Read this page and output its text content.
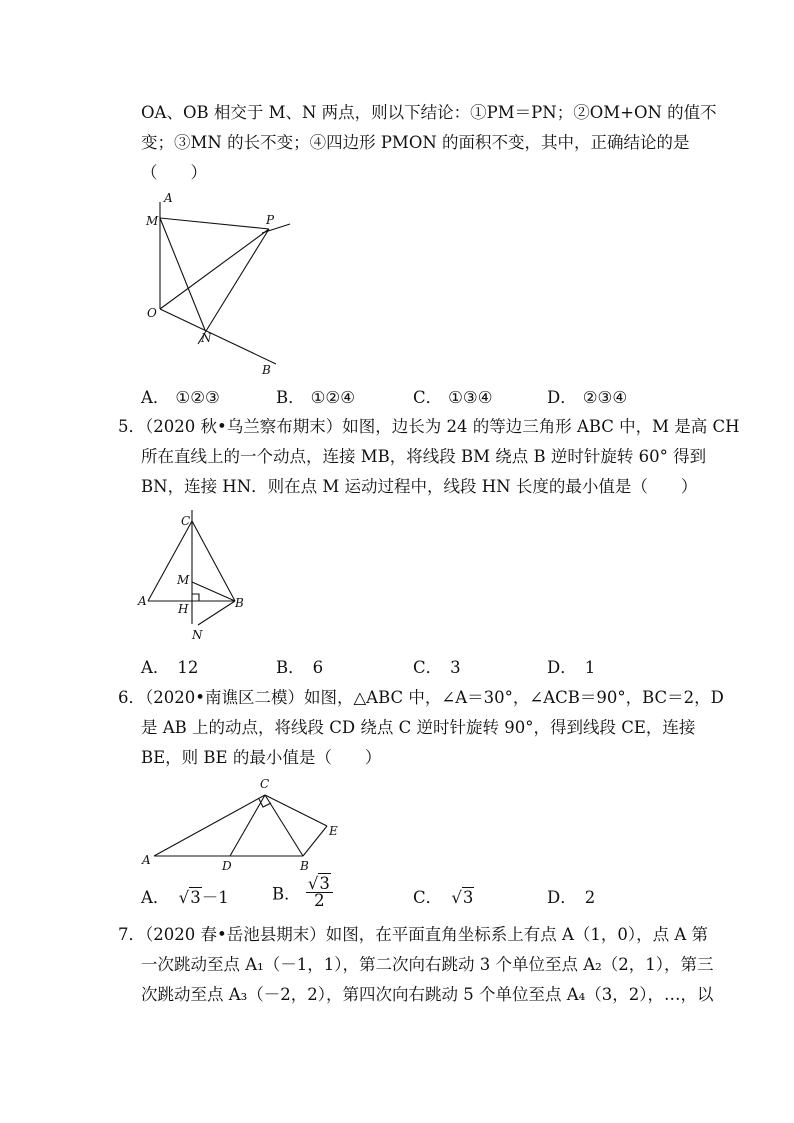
OA、OB 相交于 M、N 两点，则以下结论：①PM＝PN；②OM+ON 的值不
变；③MN 的长不变；④四边形 PMON 的面积不变，其中，正确结论的是
（　　）
A
M	P
O
N
B
A． ①②③	B． ①②④	C． ①③④	D． ②③④
5．（2020 秋•乌兰察布期末）如图，边长为 24 的等边三角形 ABC 中，M 是高 CH
所在直线上的一个动点，连接 MB，将线段 BM 绕点 B 逆时针旋转 60° 得到
BN，连接 HN．则在点 M 运动过程中，线段 HN 长度的最小值是（　　）
C
M
A
H	B
N
A． 12	B． 6	C． 3	D． 1
6．（2020•南谯区二模）如图，△ABC 中，∠A＝30°，∠ACB＝90°，BC＝2，D
是 AB 上的动点，将线段 CD 绕点 C 逆时针旋转 90°，得到线段 CE，连接
BE，则 BE 的最小值是（　　）
C
E
A	D	B
A． √3－1	B． $\frac{√3}{2}$	C． √3	D． 2
7．（2020 春•岳池县期末）如图，在平面直角坐标系上有点 A（1，0），点 A 第
一次跳动至点 A₁（－1，1），第二次向右跳动 3 个单位至点 A₂（2，1），第三
次跳动至点 A₃（－2，2），第四次向右跳动 5 个单位至点 A₄（3，2），…，以
